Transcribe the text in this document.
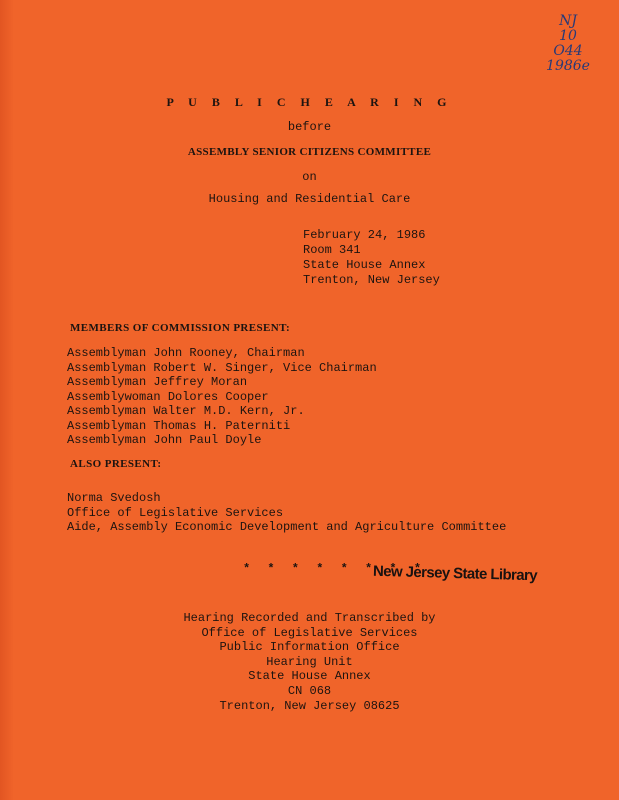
NJ
10
O44
1986e
P U B L I C H E A R I N G
before
ASSEMBLY SENIOR CITIZENS COMMITTEE
on
Housing and Residential Care
February 24, 1986
Room 341
State House Annex
Trenton, New Jersey
MEMBERS OF COMMISSION PRESENT:
Assemblyman John Rooney, Chairman
Assemblyman Robert W. Singer, Vice Chairman
Assemblyman Jeffrey Moran
Assemblywoman Dolores Cooper
Assemblyman Walter M.D. Kern, Jr.
Assemblyman Thomas H. Paterniti
Assemblyman John Paul Doyle
ALSO PRESENT:
Norma Svedosh
Office of Legislative Services
Aide, Assembly Economic Development and Agriculture Committee
* * * * * * * *
New Jersey State Library
Hearing Recorded and Transcribed by
Office of Legislative Services
Public Information Office
Hearing Unit
State House Annex
CN 068
Trenton, New Jersey 08625
